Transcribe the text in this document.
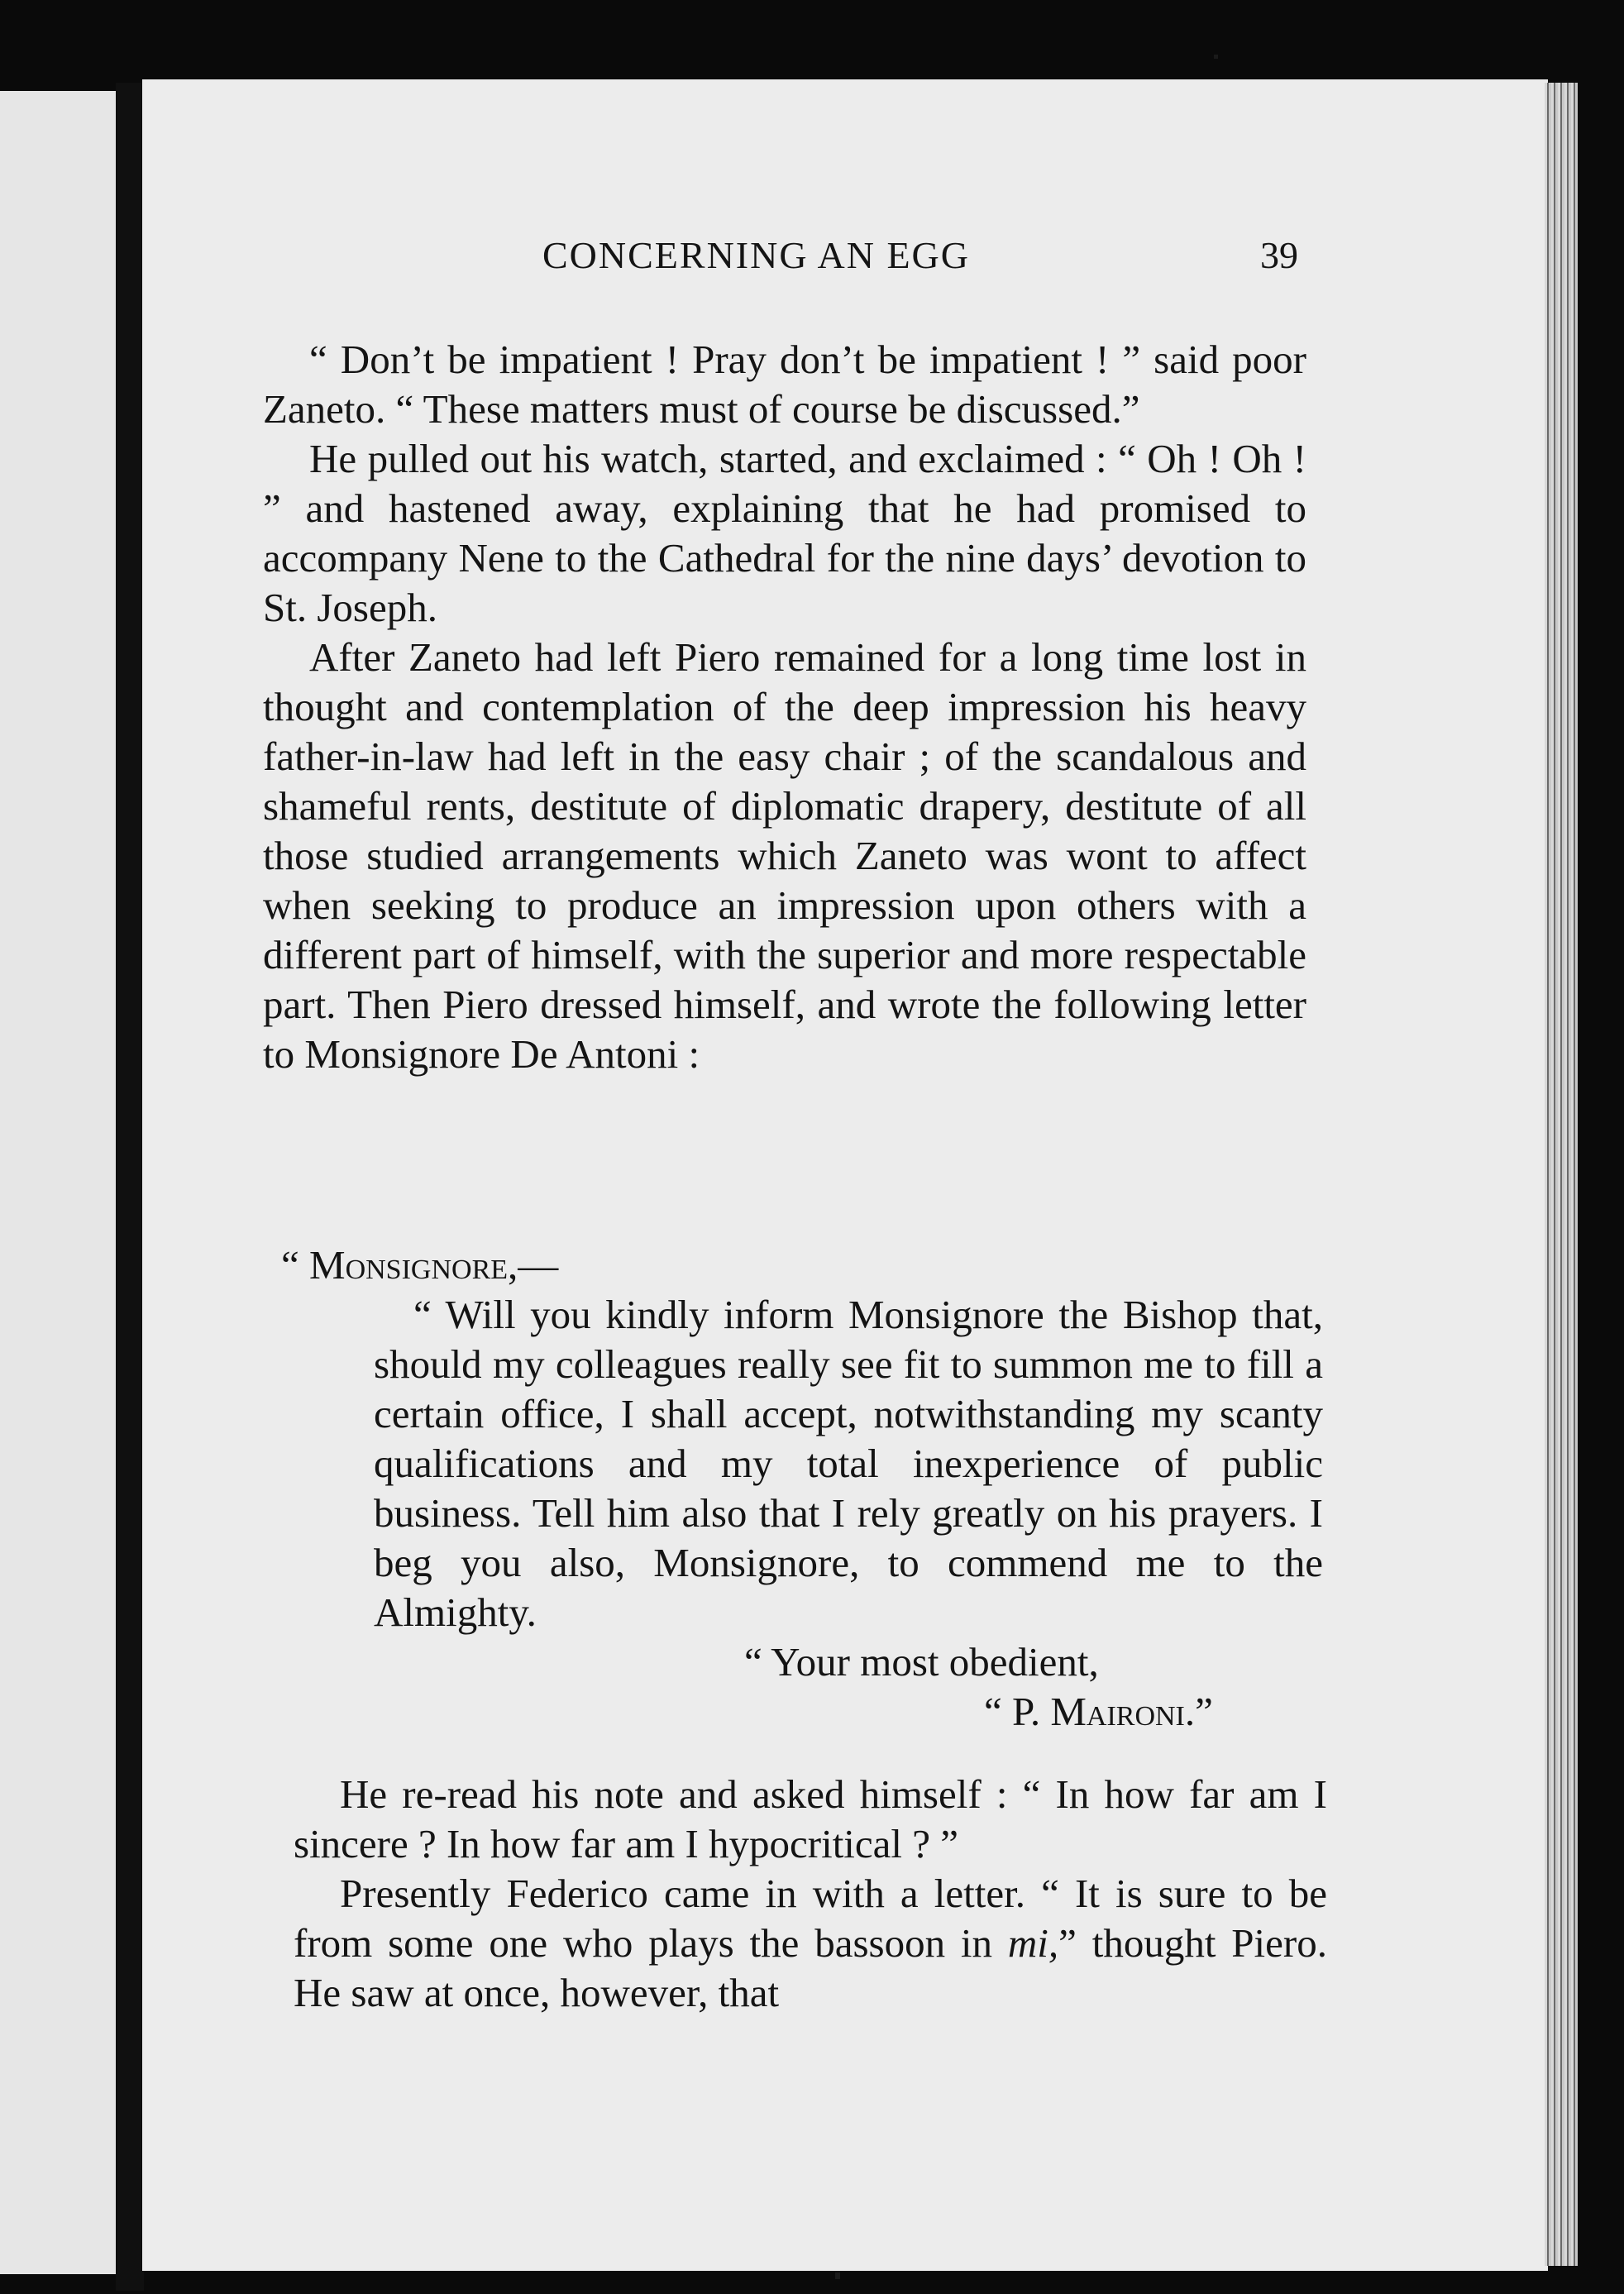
CONCERNING AN EGG	39

“ Don’t be impatient ! Pray don’t be impatient ! ” said poor Zaneto. “ These matters must of course be discussed.”

He pulled out his watch, started, and exclaimed : “ Oh ! Oh ! ” and hastened away, explaining that he had promised to accompany Nene to the Cathedral for the nine days’ devotion to St. Joseph.

After Zaneto had left Piero remained for a long time lost in thought and contemplation of the deep impression his heavy father-in-law had left in the easy chair ; of the scandalous and shameful rents, destitute of diplomatic drapery, destitute of all those studied arrangements which Zaneto was wont to affect when seeking to produce an impression upon others with a different part of himself, with the superior and more respectable part. Then Piero dressed himself, and wrote the following letter to Monsignore De Antoni :

“ Monsignore,—

“ Will you kindly inform Monsignore the Bishop that, should my colleagues really see fit to summon me to fill a certain office, I shall accept, notwithstanding my scanty qualifications and my total inexperience of public business. Tell him also that I rely greatly on his prayers. I beg you also, Monsignore, to commend me to the Almighty.

“ Your most obedient,

“ P. Maironi.”

He re-read his note and asked himself : “ In how far am I sincere ? In how far am I hypocritical ? ”

Presently Federico came in with a letter. “ It is sure to be from some one who plays the bassoon in mi,” thought Piero. He saw at once, however, that
